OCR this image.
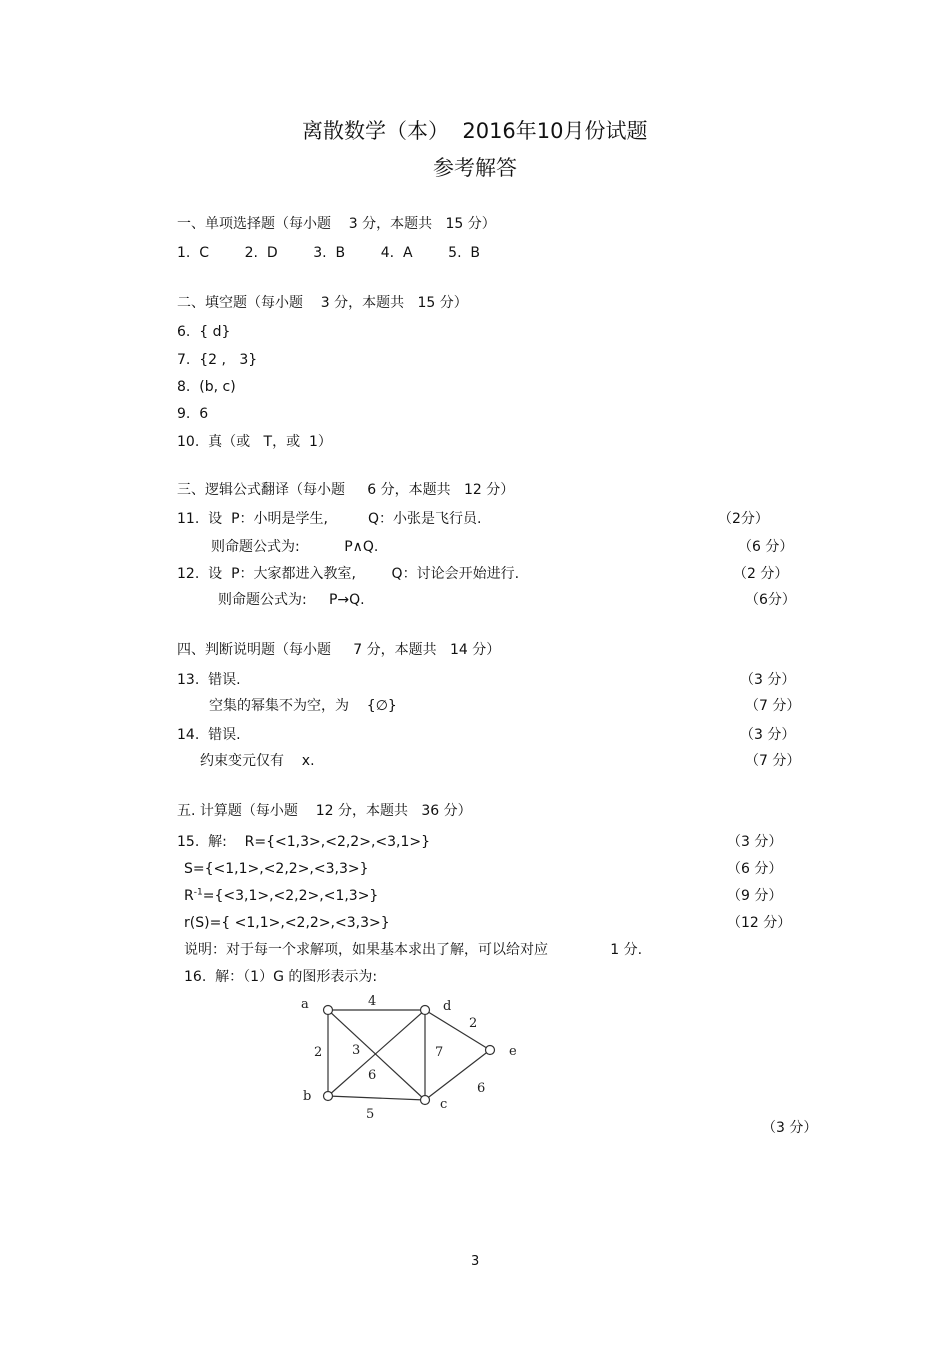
离散数学（本）  2016年10月份试题
参考解答
一、单项选择题（每小题    3 分，本题共   15 分）
1.  C        2.  D        3.  B        4.  A        5.  B
二、填空题（每小题    3 分，本题共   15 分）
6.  { d}
7.  {2 ,   3}
8.  (b, c)
9.  6
10.  真（或   T，或  1）
三、逻辑公式翻译（每小题     6 分，本题共   12 分）
11.  设  P：小明是学生,         Q：小张是飞行员.	（2分）
则命题公式为:          P∧Q.	（6 分）
12.  设  P：大家都进入教室,        Q：讨论会开始进行.	（2 分）
则命题公式为:     P→Q.	（6分）
四、判断说明题（每小题     7 分，本题共   14 分）
13.  错误.	（3 分）
空集的幂集不为空，为    {∅}	（7 分）
14.  错误.	（3 分）
约束变元仅有    x.	（7 分）
五. 计算题（每小题    12 分，本题共   36 分）
15.  解:    R={<1,3>,<2,2>,<3,1>}	（3 分）
S={<1,1>,<2,2>,<3,3>}	（6 分）
$R^{-1}=\{<3,1>,<2,2>,<1,3>\}$	（9 分）
r(S)={ <1,1>,<2,2>,<3,3>}	（12 分）
说明：对于每一个求解项，如果基本求出了解，可以给对应              1 分.
16.  解：（1）G 的图形表示为:
a
b
c
d
e
4
2 3
6
7
2
5
6
（3 分）
3
